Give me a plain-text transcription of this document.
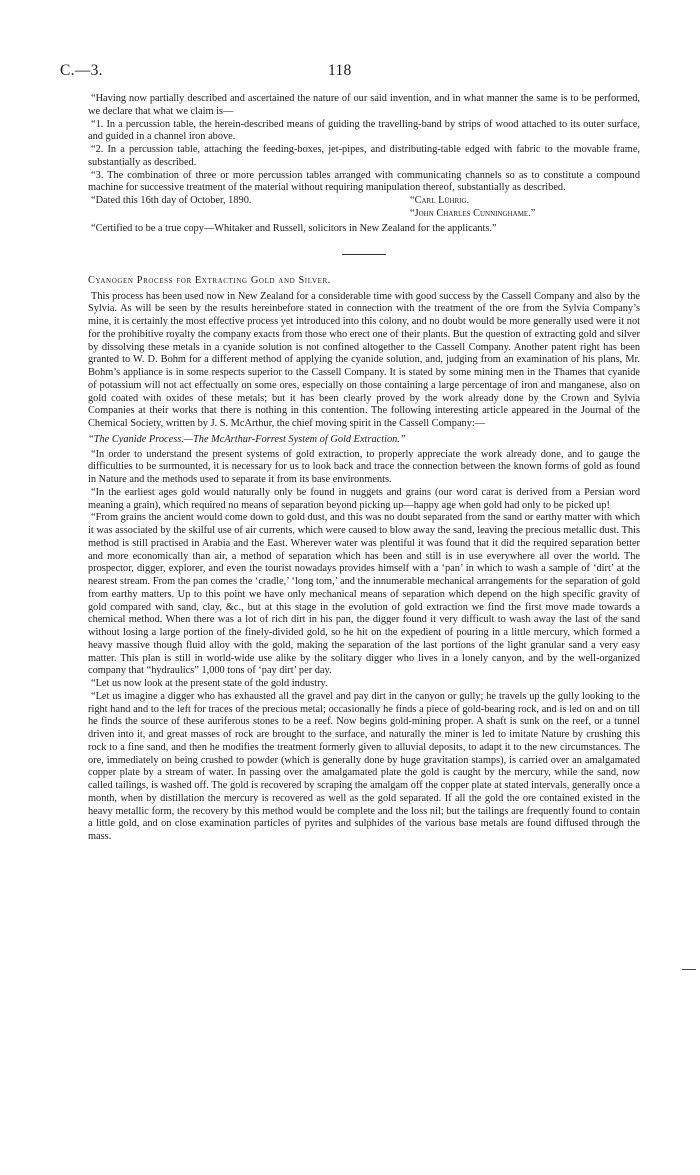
C.—3.	118

“Having now partially described and ascertained the nature of our said invention, and in what manner the same is to be performed, we declare that what we claim is—

“1. In a percussion table, the herein-described means of guiding the travelling-band by strips of wood attached to its outer surface, and guided in a channel iron above.

“2. In a percussion table, attaching the feeding-boxes, jet-pipes, and distributing-table edged with fabric to the movable frame, substantially as described.

“3. The combination of three or more percussion tables arranged with communicating channels so as to constitute a compound machine for successive treatment of the material without requiring manipulation thereof, substantially as described.

“Dated this 16th day of October, 1890.	“Carl Lührig.
“John Charles Cunninghame.”

“Certified to be a true copy—Whitaker and Russell, solicitors in New Zealand for the applicants.”

Cyanogen Process for Extracting Gold and Silver.

This process has been used now in New Zealand for a considerable time with good success by the Cassell Company and also by the Sylvia. As will be seen by the results hereinbefore stated in connection with the treatment of the ore from the Sylvia Company’s mine, it is certainly the most effective process yet introduced into this colony, and no doubt would be more generally used were it not for the prohibitive royalty the company exacts from those who erect one of their plants. But the question of extracting gold and silver by dissolving these metals in a cyanide solution is not confined altogether to the Cassell Company. Another patent right has been granted to W. D. Bohm for a different method of applying the cyanide solution, and, judging from an examination of his plans, Mr. Bohm’s appliance is in some respects superior to the Cassell Company. It is stated by some mining men in the Thames that cyanide of potassium will not act effectually on some ores, especially on those containing a large percentage of iron and manganese, also on gold coated with oxides of these metals; but it has been clearly proved by the work already done by the Crown and Sylvia Companies at their works that there is nothing in this contention. The following interesting article appeared in the Journal of the Chemical Society, written by J. S. McArthur, the chief moving spirit in the Cassell Company:—

“The Cyanide Process.—The McArthur-Forrest System of Gold Extraction.”

“In order to understand the present systems of gold extraction, to properly appreciate the work already done, and to gauge the difficulties to be surmounted, it is necessary for us to look back and trace the connection between the known forms of gold as found in Nature and the methods used to separate it from its base environments.

“In the earliest ages gold would naturally only be found in nuggets and grains (our word carat is derived from a Persian word meaning a grain), which required no means of separation beyond picking up—happy age when gold had only to be picked up!

“From grains the ancient would come down to gold dust, and this was no doubt separated from the sand or earthy matter with which it was associated by the skilful use of air currents, which were caused to blow away the sand, leaving the precious metallic dust. This method is still practised in Arabia and the East. Wherever water was plentiful it was found that it did the required separation better and more economically than air, a method of separation which has been and still is in use everywhere all over the world. The prospector, digger, explorer, and even the tourist nowadays provides himself with a ‘pan’ in which to wash a sample of ‘dirt’ at the nearest stream. From the pan comes the ‘cradle,’ ‘long tom,’ and the innumerable mechanical arrangements for the separation of gold from earthy matters. Up to this point we have only mechanical means of separation which depend on the high specific gravity of gold compared with sand, clay, &c., but at this stage in the evolution of gold extraction we find the first move made towards a chemical method. When there was a lot of rich dirt in his pan, the digger found it very difficult to wash away the last of the sand without losing a large portion of the finely-divided gold, so he hit on the expedient of pouring in a little mercury, which formed a heavy massive though fluid alloy with the gold, making the separation of the last portions of the light granular sand a very easy matter. This plan is still in world-wide use alike by the solitary digger who lives in a lonely canyon, and by the well-organized company that “hydraulics” 1,000 tons of ‘pay dirt’ per day.

“Let us now look at the present state of the gold industry.

“Let us imagine a digger who has exhausted all the gravel and pay dirt in the canyon or gully; he travels up the gully looking to the right hand and to the left for traces of the precious metal; occasionally he finds a piece of gold-bearing rock, and is led on and on till he finds the source of these auriferous stones to be a reef. Now begins gold-mining proper. A shaft is sunk on the reef, or a tunnel driven into it, and great masses of rock are brought to the surface, and naturally the miner is led to imitate Nature by crushing this rock to a fine sand, and then he modifies the treatment formerly given to alluvial deposits, to adapt it to the new circumstances. The ore, immediately on being crushed to powder (which is generally done by huge gravitation stamps), is carried over an amalgamated copper plate by a stream of water. In passing over the amalgamated plate the gold is caught by the mercury, while the sand, now called tailings, is washed off. The gold is recovered by scraping the amalgam off the copper plate at stated intervals, generally once a month, when by distillation the mercury is recovered as well as the gold separated. If all the gold the ore contained existed in the heavy metallic form, the recovery by this method would be complete and the loss nil; but the tailings are frequently found to contain a little gold, and on close examination particles of pyrites and sulphides of the various base metals are found diffused through the mass.
